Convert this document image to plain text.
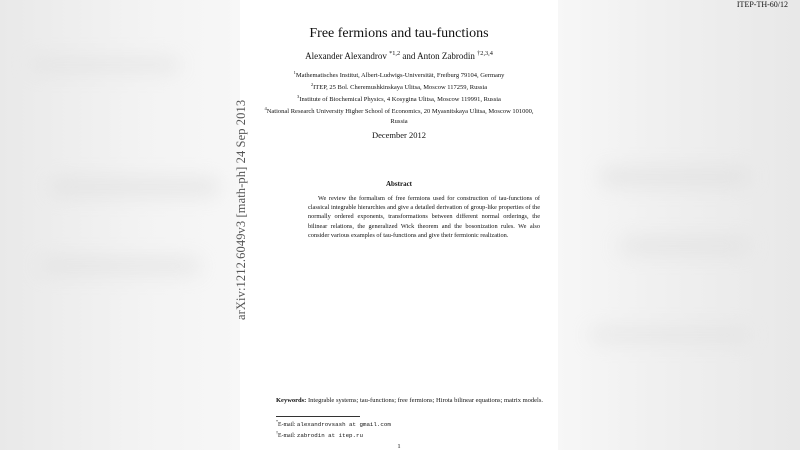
ITEP-TH-60/12
arXiv:1212.6049v3 [math-ph] 24 Sep 2013
Free fermions and tau-functions
Alexander Alexandrov $^{*1,2}$ and Anton Zabrodin $^{\dagger 2,3,4}$
$^1$Mathematisches Institut, Albert-Ludwigs-Universität, Freiburg 79104, Germany
$^2$ITEP, 25 Bol. Cheremushkinskaya Ulitsa, Moscow 117259, Russia
$^3$Institute of Biochemical Physics, 4 Kosygina Ulitsa, Moscow 119991, Russia
$^4$National Research University Higher School of Economics, 20 Myasnitskaya Ulitsa, Moscow 101000, Russia
December 2012
Abstract
We review the formalism of free fermions used for construction of tau-functions of classical integrable hierarchies and give a detailed derivation of group-like properties of the normally ordered exponents, transformations between different normal orderings, the bilinear relations, the generalized Wick theorem and the bosonization rules. We also consider various examples of tau-functions and give their fermionic realization.
Keywords: Integrable systems; tau-functions; free fermions; Hirota bilinear equations; matrix models.
*E-mail: alexandrovsash at gmail.com
†E-mail: zabrodin at itep.ru
1
